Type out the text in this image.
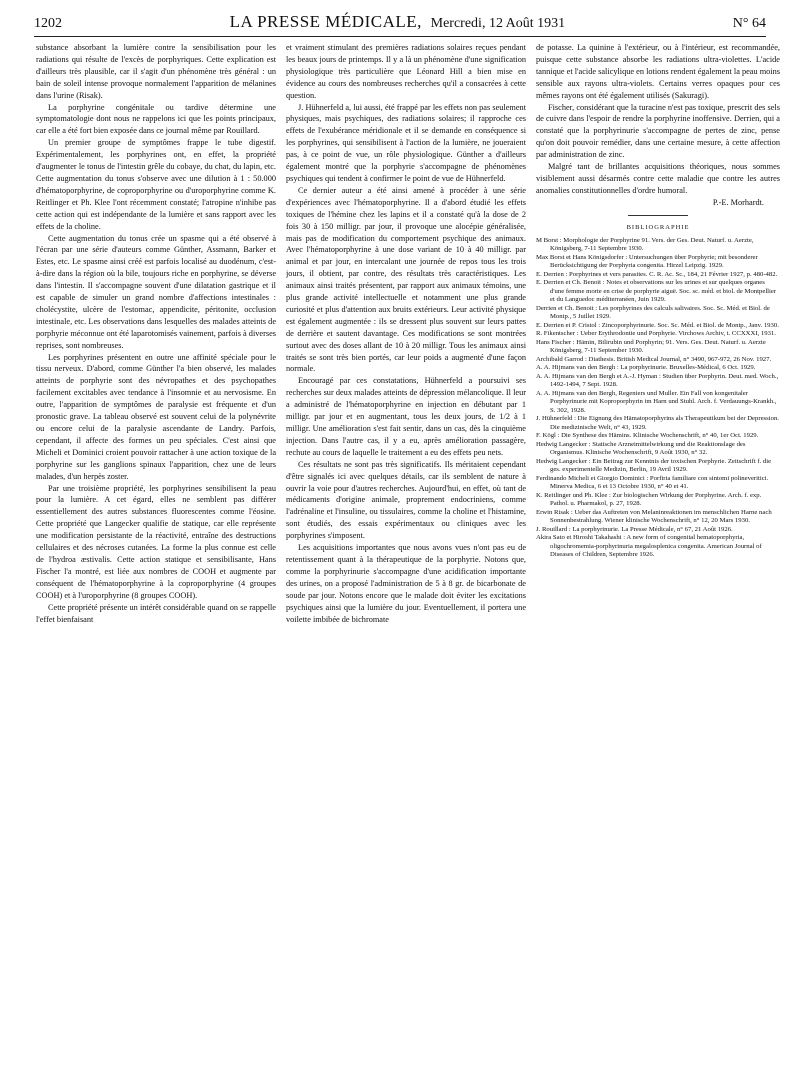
1202	LA PRESSE MÉDICALE, Mercredi, 12 Août 1931	N° 64

substance absorbant la lumière contre la sensibilisation pour les radiations qui résulte de l'excès de porphyriques. Cette explication est d'ailleurs très plausible, car il s'agit d'un phénomène très général : un bain de soleil intense provoque normalement l'apparition de mélanines dans l'urine (Risak).

La porphyrine congénitale ou tardive détermine une symptomatologie dont nous ne rappelons ici que les points principaux, car elle a été fort bien exposée dans ce journal même par Rouillard.

Un premier groupe de symptômes frappe le tube digestif. Expérimentalement, les porphyrines ont, en effet, la propriété d'augmenter le tonus de l'intestin grêle du cobaye, du chat, du lapin, etc. Cette augmentation du tonus s'observe avec une dilution à 1 : 50.000 d'hématoporphyrine, de coproporphyrine ou d'uroporphyrine comme K. Reitlinger et Ph. Klee l'ont récemment constaté; l'atropine n'inhibe pas cette action qui est indépendante de la lumière et sans rapport avec les effets de la choline.

Cette augmentation du tonus crée un spasme qui a été observé à l'écran par une série d'auteurs comme Günther, Assmann, Barker et Estes, etc. Le spasme ainsi créé est parfois localisé au duodénum, c'est-à-dire dans la région où la bile, toujours riche en porphyrine, se déverse dans l'intestin. Il s'accompagne souvent d'une dilatation gastrique et il est capable de simuler un grand nombre d'affections intestinales : cholécystite, ulcère de l'estomac, appendicite, péritonite, occlusion intestinale, etc. Les observations dans lesquelles des malades atteints de porphyrie méconnue ont été laparotomisés vainement, parfois à diverses reprises, sont nombreuses.

Les porphyrines présentent en outre une affinité spéciale pour le tissu nerveux. D'abord, comme Günther l'a bien observé, les malades atteints de porphyrie sont des névropathes et des psychopathes facilement excitables avec tendance à l'insomnie et au nervosisme. En outre, l'apparition de symptômes de paralysie est fréquente et d'un pronostic grave. La tableau observé est souvent celui de la polynévrite ou encore celui de la paralysie ascendante de Landry. Parfois, cependant, il affecte des formes un peu spéciales. C'est ainsi que Micheli et Dominici croient pouvoir rattacher à une action toxique de la porphyrine sur les ganglions spinaux l'apparition, chez une de leurs malades, d'un herpès zoster.

Par une troisième propriété, les porphyrines sensibilisent la peau pour la lumière. A cet égard, elles ne semblent pas différer essentiellement des autres substances fluorescentes comme l'éosine. Cette propriété que Langecker qualifie de statique, car elle représente une modification persistante de la réactivité, entraîne des destructions cellulaires et des nécroses cutanées. La forme la plus connue est celle de l'hydroa æstivalis. Cette action statique et sensibilisante, Hans Fischer l'a montré, est liée aux nombres de COOH et augmente par conséquent de l'hématoporphyrine à la coproporphyrine (4 groupes COOH) et à l'uroporphyrine (8 groupes COOH).

Cette propriété présente un intérêt considérable quand on se rappelle l'effet bienfaisant

et vraiment stimulant des premières radiations solaires reçues pendant les beaux jours de printemps. Il y a là un phénomène d'une signification physiologique très particulière que Léonard Hill a bien mise en évidence au cours des nombreuses recherches qu'il a consacrées à cette question.

J. Hühnerfeld a, lui aussi, été frappé par les effets non pas seulement physiques, mais psychiques, des radiations solaires; il rapproche ces effets de l'exubérance méridionale et il se demande en conséquence si les porphyrines, qui sensibilisent à l'action de la lumière, ne joueraient pas, à ce point de vue, un rôle physiologique. Günther a d'ailleurs également montré que la porphyrie s'accompagne de phénomènes psychiques qui tendent à confirmer le point de vue de Hühnerfeld.

Ce dernier auteur a été ainsi amené à procéder à une série d'expériences avec l'hématoporphyrine. Il a d'abord étudié les effets toxiques de l'hémine chez les lapins et il a constaté qu'à la dose de 2 fois 30 à 150 milligr. par jour, il provoque une alocépie généralisée, mais pas de modification du comportement psychique des animaux. Avec l'hématoporphyrine à une dose variant de 10 à 40 milligr. par animal et par jour, en intercalant une journée de repos tous les trois jours, il obtient, par contre, des résultats très caractéristiques. Les animaux ainsi traités présentent, par rapport aux animaux témoins, une plus grande activité intellectuelle et notamment une plus grande curiosité et plus d'attention aux bruits extérieurs. Leur activité physique est également augmentée : ils se dressent plus souvent sur leurs pattes de derrière et sautent davantage. Ces modifications se sont montrées surtout avec des doses allant de 10 à 20 milligr. Tous les animaux ainsi traités se sont très bien portés, car leur poids a augmenté d'une façon normale.

Encouragé par ces constatations, Hühnerfeld a poursuivi ses recherches sur deux malades atteints de dépression mélancolique. Il leur a administré de l'hématoporphyrine en injection en débutant par 1 milligr. par jour et en augmentant, tous les deux jours, de 1/2 à 1 milligr. Une amélioration s'est fait sentir, dans un cas, dès la cinquième injection. Dans l'autre cas, il y a eu, après amélioration passagère, rechute au cours de laquelle le traitement a eu des effets peu nets.

Ces résultats ne sont pas très significatifs. Ils méritaient cependant d'être signalés ici avec quelques détails, car ils semblent de nature à ouvrir la voie pour d'autres recherches. Aujourd'hui, en effet, où tant de médicaments d'origine animale, proprement endocriniens, comme l'adrénaline et l'insuline, ou tissulaires, comme la choline et l'histamine, sont étudiés, des essais expérimentaux ou cliniques avec les porphyrines s'imposent.

Les acquisitions importantes que nous avons vues n'ont pas eu de retentissement quant à la thérapeutique de la porphyrie. Notons que, comme la porphyrinurie s'accompagne d'une acidification importante des urines, on a proposé l'administration de 5 à 8 gr. de bicarbonate de soude par jour. Notons encore que le malade doit éviter les excitations psychiques ainsi que la lumière du jour. Eventuellement, il portera une voilette imbibée de bichromate

de potasse. La quinine à l'extérieur, ou à l'intérieur, est recommandée, puisque cette substance absorbe les radiations ultra-violettes. L'acide tannique et l'acide salicylique en lotions rendent également la peau moins sensible aux rayons ultra-violets. Certains verres opaques pour ces mêmes rayons ont été également utilisés (Sakuragi).

Fischer, considérant que la turacine n'est pas toxique, prescrit des sels de cuivre dans l'espoir de rendre la porphyrine inoffensive. Derrien, qui a constaté que la porphyrinurie s'accompagne de pertes de zinc, pense qu'on doit pouvoir remédier, dans une certaine mesure, à cette affection par administration de zinc.

Malgré tant de brillantes acquisitions théoriques, nous sommes visiblement aussi désarmés contre cette maladie que contre les autres anomalies constitutionnelles d'ordre humoral.

P.-E. Morhardt.
BIBLIOGRAPHIE

M Borst : Morphologie der Porphyrine 91. Vers. der Ges. Deut. Naturf. u. Aerzte, Königsberg, 7-11 Septembre 1930.

Max Borst et Hans Königsdorfer : Untersuchungen über Porphyrie; mit besonderer Berücksichtigung der Porphyria congenita. Hirzel Leipzig. 1929.

E. Derrien : Porphyrines et vers parasites. C. R. Ac. Sc., 184, 21 Février 1927, p. 480-482.

E. Derrien et Ch. Benoit : Notes et observations sur les urines et sur quelques organes d'une femme morte en crise de porphyrie aiguë. Soc. sc. méd. et biol. de Montpellier et du Languedoc méditerranéen, Juin 1929.

Derrien et Ch. Benoit : Les porphyrines des calculs salivaires. Soc. Sc. Méd. et Biol. de Montp., 5 Juillet 1929.

E. Derrien et P. Cristol : Zincoporphyrinurie. Soc. Sc. Méd. et Biol. de Montp., Janv. 1930.

R. Fikentscher : Ueber Erythrodontie und Porphyrie. Virchows Archiv, t. CCXXXI, 1931.

Hans Fischer : Hämin, Bilirubin und Porphyrin; 91. Vers. Ges. Deut. Naturf. u. Aerzte Königsberg, 7-11 September 1930.

Archibald Garrod : Diathesis. British Medical Journal, n° 3490, 967-972, 26 Nov. 1927.

A. A. Hijmans van den Bergh : La porphyrinurie. Bruxelles-Médical, 6 Oct. 1929.

A. A. Hijmans van den Bergh et A.-J. Hyman : Studien über Porphyrin. Deut. med. Woch., 1492-1494, 7 Sept. 1928.

A. A. Hijmans van den Bergh, Regeniers und Muller. Ein Fall von kongenitaler Porphyrinurie mit Koproporphyrin im Harn und Stuhl. Arch. f. Verdauungs-Krankh., S. 302, 1928.

J. Hühnerfeld : Die Eignung des Hämatoporphyrins als Therapeutikum bei der Depression. Die medizinische Welt, n° 43, 1929.

F. Kögl : Die Synthese des Hämins. Klinische Wochenschrift, n° 40, 1er Oct. 1929.

Hedwig Langecker : Statische Arzneimittelwirkung und die Reaktionslage des Organismus. Klinische Wochenschrift, 9 Août 1930, n° 32.

Hedwig Langecker : Ein Beitrag zur Kenntnis der toxischen Porphyrie. Zeitschrift f. die ges. experimentelle Medizin, Berlin, 19 Avril 1929.

Ferdinando Micheli et Giorgio Dominici : Porfiria familiare con sintomi polineveritici. Minerva Medica, 6 et 13 Octobre 1930, n° 40 et 41.

K. Reitlinger und Ph. Klee : Zur biologischen Wirkung der Porphyrine. Arch. f. exp. Pathol. u. Pharmakol, p. 27, 1928.

Erwin Risak : Ueber das Auftreten von Melaninreaktionen im menschlichen Harne nach Sonnenbestrahlung. Wiener klinische Wochenschrift, n° 12, 20 Mars 1930.

J. Rouillard : La porphyrinurie. La Presse Médicale, n° 67, 21 Août 1926.

Akira Sato et Hiroshi Takahashi : A new form of congenital hematoporphyria, oligochromemia-porphyrinuria megalosplenica congenita. American Journal of Diseases of Children, Septembre 1926.
